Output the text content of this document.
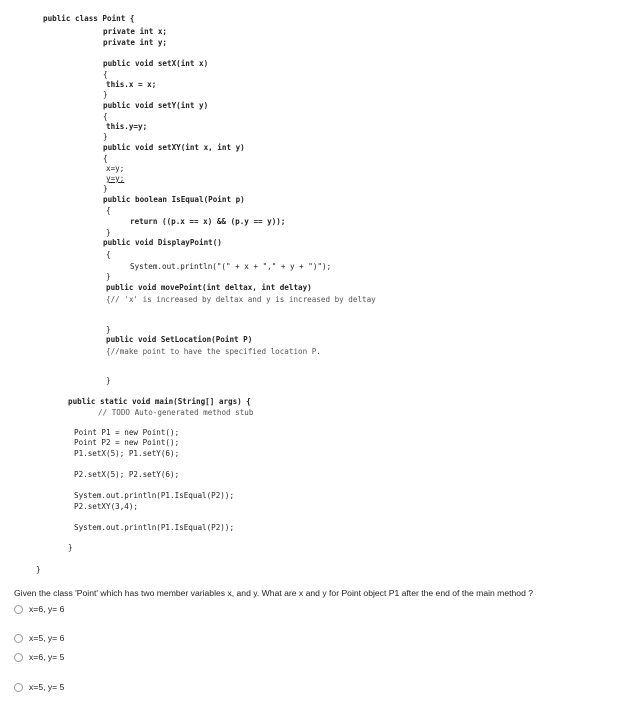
public class Point {
private int x;
private int y;
public void setX(int x)
{
this.x = x;
}
public void setY(int y)
{
this.y=y;
}
public void setXY(int x, int y)
{
x=y;
y=y;
}
public boolean IsEqual(Point p)
{
return ((p.x == x) && (p.y == y));
}
public void DisplayPoint()
{
System.out.println("(" + x + "," + y + ")");
}
public void movePoint(int deltax, int deltay)
{// 'x' is increased by deltax and y is increased by deltay
}
public void SetLocation(Point P)
{//make point to have the specified location P.
}
public static void main(String[] args) {
// TODO Auto-generated method stub
Point P1 = new Point();
Point P2 = new Point();
P1.setX(5); P1.setY(6);
P2.setX(5); P2.setY(6);
System.out.println(P1.IsEqual(P2));
P2.setXY(3,4);
System.out.println(P1.IsEqual(P2));
}
}
Given the class 'Point' which has two member variables x, and y. What are x and y for Point object P1 after the end of the main method ?
x=6, y= 6
x=5, y= 6
x=6, y= 5
x=5, y= 5
